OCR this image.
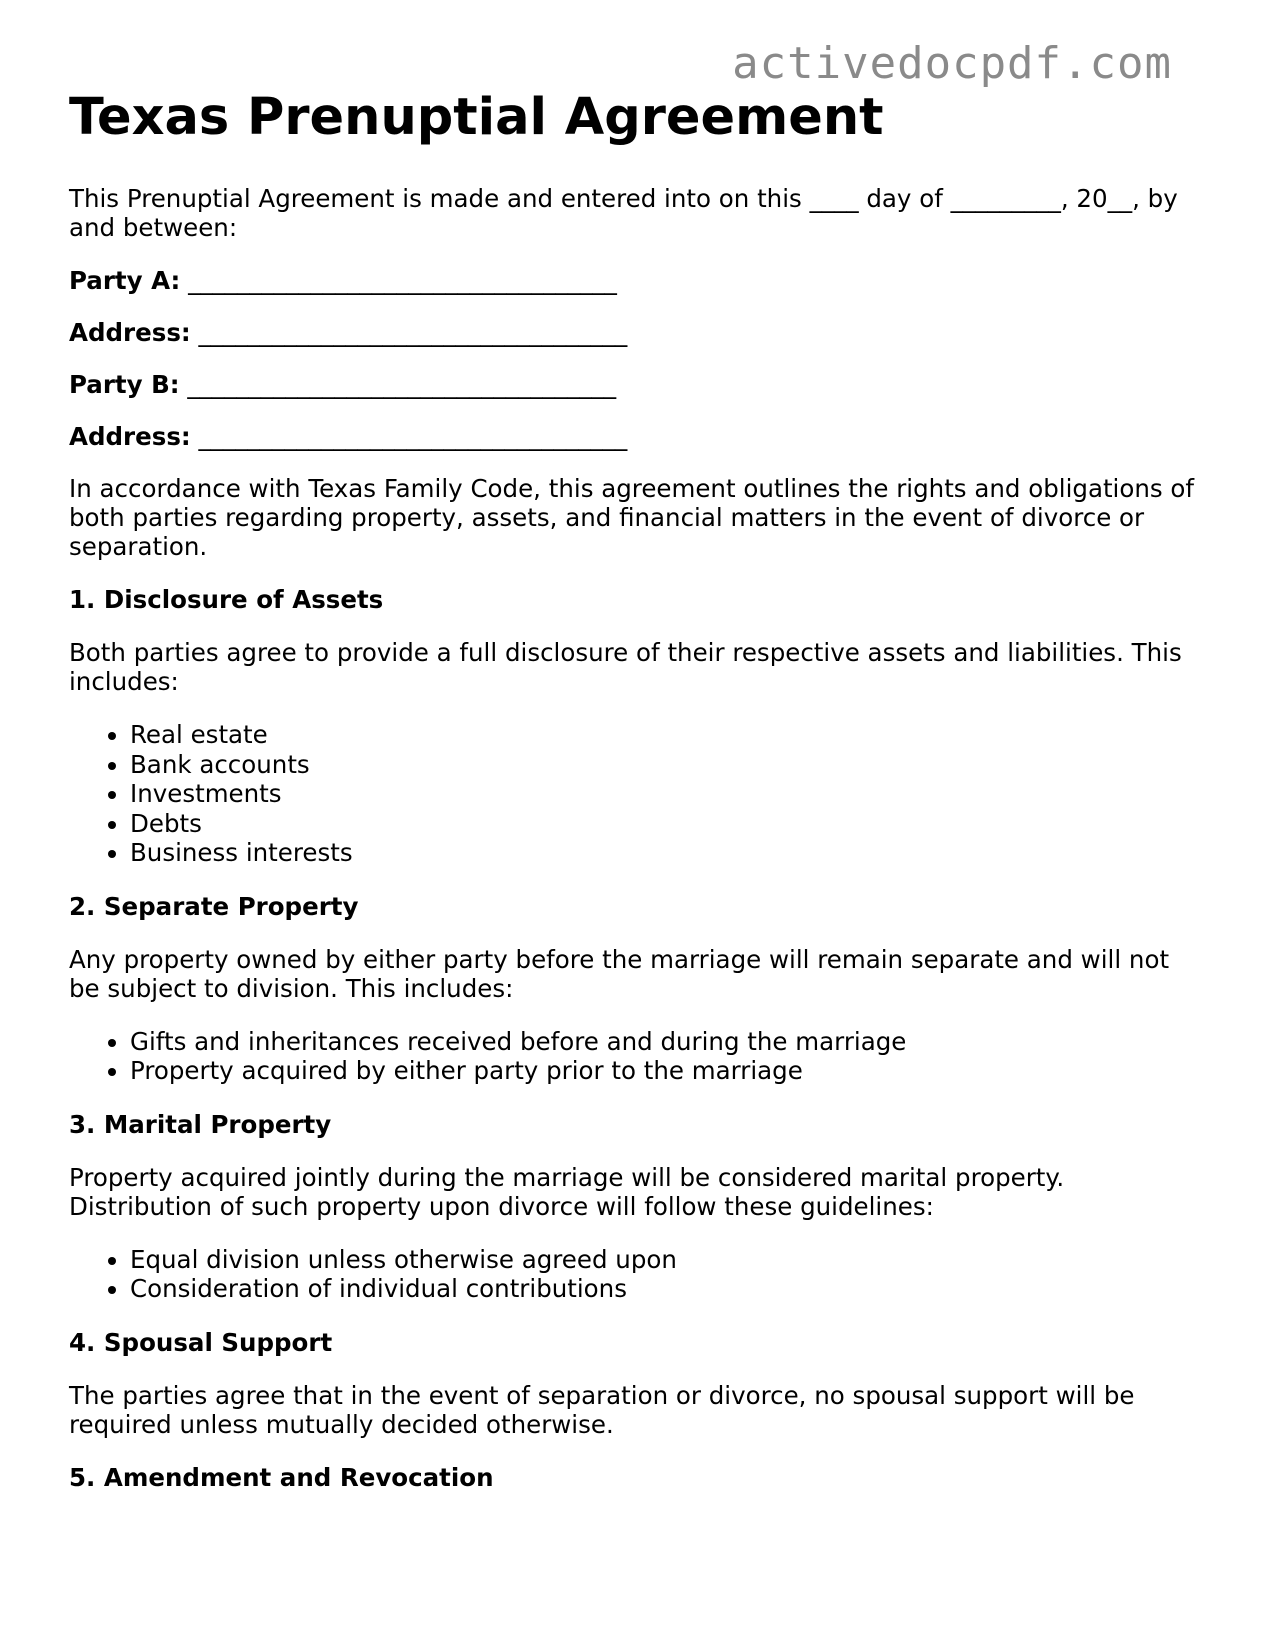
activedocpdf.com
Texas Prenuptial Agreement

This Prenuptial Agreement is made and entered into on this ____ day of _________, 20__, by and between:

Party A: ___________________________________
Address: ___________________________________
Party B: ___________________________________
Address: ___________________________________

In accordance with Texas Family Code, this agreement outlines the rights and obligations of both parties regarding property, assets, and financial matters in the event of divorce or separation.

1. Disclosure of Assets

Both parties agree to provide a full disclosure of their respective assets and liabilities. This includes:

• Real estate
• Bank accounts
• Investments
• Debts
• Business interests
2. Separate Property

Any property owned by either party before the marriage will remain separate and will not be subject to division. This includes:

• Gifts and inheritances received before and during the marriage
• Property acquired by either party prior to the marriage
3. Marital Property

Property acquired jointly during the marriage will be considered marital property. Distribution of such property upon divorce will follow these guidelines:

• Equal division unless otherwise agreed upon
• Consideration of individual contributions
4. Spousal Support

The parties agree that in the event of separation or divorce, no spousal support will be required unless mutually decided otherwise.

5. Amendment and Revocation
